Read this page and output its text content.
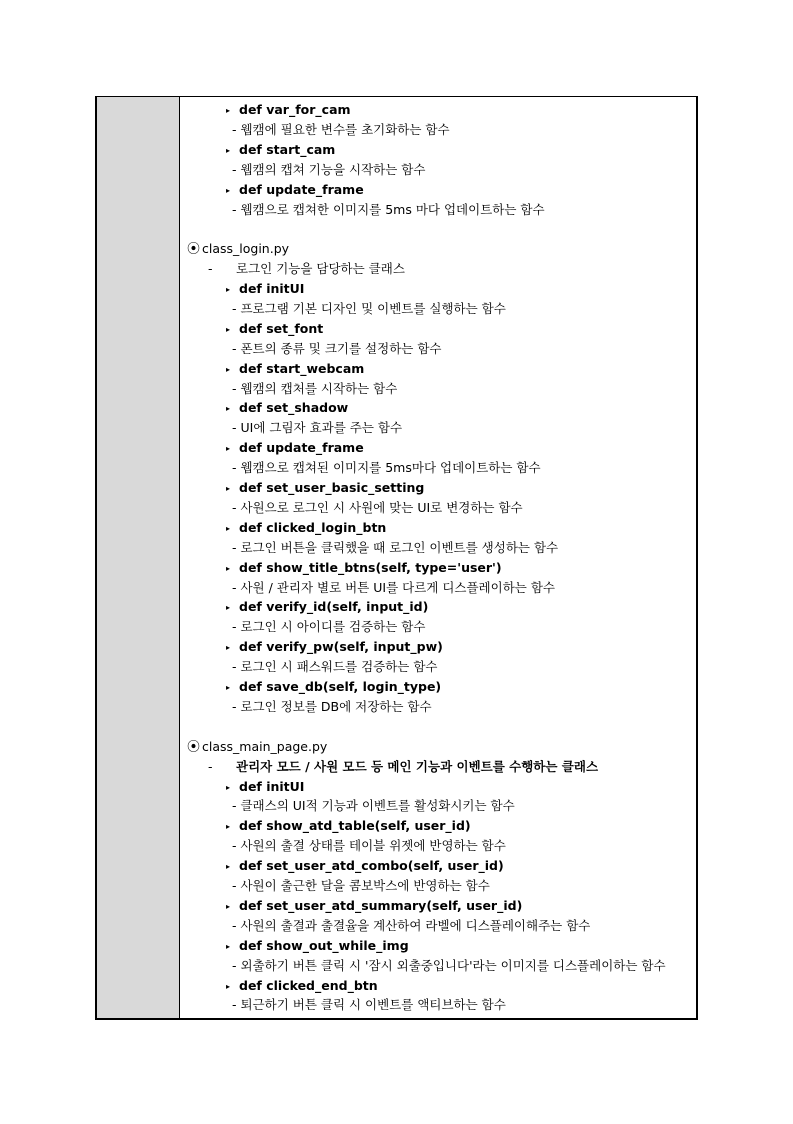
▸ def var_for_cam
- 웹캠에 필요한 변수를 초기화하는 함수
▸ def start_cam
- 웹캠의 캡쳐 기능을 시작하는 함수
▸ def update_frame
- 웹캠으로 캡쳐한 이미지를 5ms 마다 업데이트하는 함수
⦿ class_login.py
- 로그인 기능을 담당하는 클래스
▸ def initUI
- 프로그램 기본 디자인 및 이벤트를 실행하는 함수
▸ def set_font
- 폰트의 종류 및 크기를 설정하는 함수
▸ def start_webcam
- 웹캠의 캡처를 시작하는 함수
▸ def set_shadow
- UI에 그림자 효과를 주는 함수
▸ def update_frame
- 웹캠으로 캡쳐된 이미지를 5ms마다 업데이트하는 함수
▸ def set_user_basic_setting
- 사원으로 로그인 시 사원에 맞는 UI로 변경하는 함수
▸ def clicked_login_btn
- 로그인 버튼을 클릭했을 때 로그인 이벤트를 생성하는 함수
▸ def show_title_btns(self, type='user')
- 사원 / 관리자 별로 버튼 UI를 다르게 디스플레이하는 함수
▸ def verify_id(self, input_id)
- 로그인 시 아이디를 검증하는 함수
▸ def verify_pw(self, input_pw)
- 로그인 시 패스워드를 검증하는 함수
▸ def save_db(self, login_type)
- 로그인 정보를 DB에 저장하는 함수
⦿ class_main_page.py
- 관리자 모드 / 사원 모드 등 메인 기능과 이벤트를 수행하는 클래스
▸ def initUI
- 클래스의 UI적 기능과 이벤트를 활성화시키는 함수
▸ def show_atd_table(self, user_id)
- 사원의 출결 상태를 테이블 위젯에 반영하는 함수
▸ def set_user_atd_combo(self, user_id)
- 사원이 출근한 달을 콤보박스에 반영하는 함수
▸ def set_user_atd_summary(self, user_id)
- 사원의 출결과 출결율을 계산하여 라벨에 디스플레이해주는 함수
▸ def show_out_while_img
- 외출하기 버튼 클릭 시 '잠시 외출중입니다'라는 이미지를 디스플레이하는 함수
▸ def clicked_end_btn
- 퇴근하기 버튼 클릭 시 이벤트를 액티브하는 함수
